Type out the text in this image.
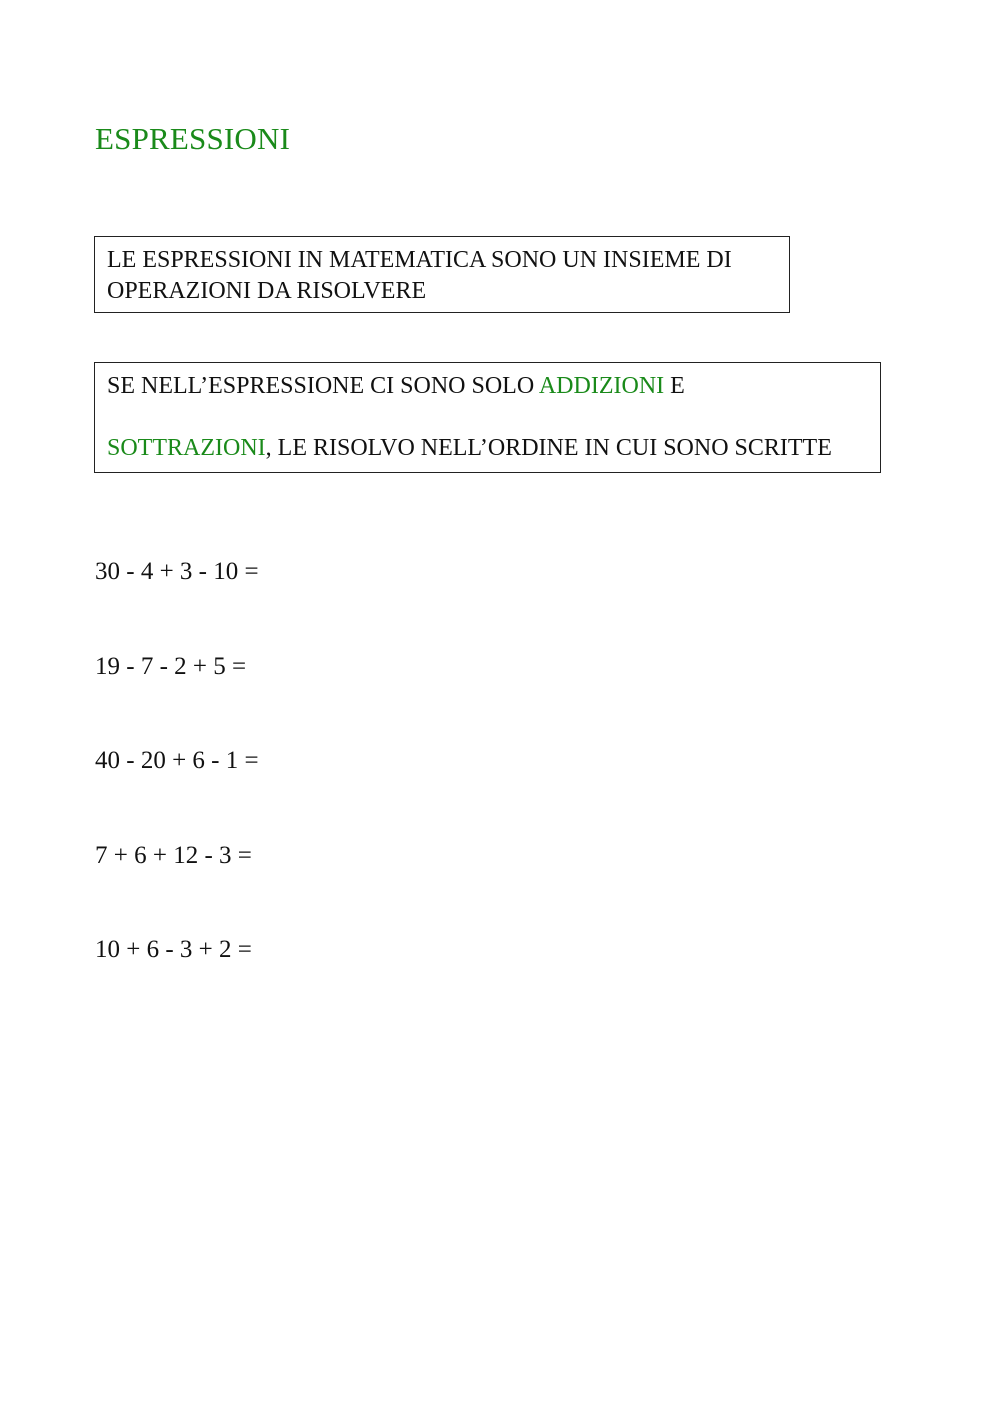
ESPRESSIONI
LE ESPRESSIONI IN MATEMATICA SONO UN INSIEME DI
OPERAZIONI DA RISOLVERE
SE NELL’ESPRESSIONE CI SONO SOLO ADDIZIONI E
SOTTRAZIONI, LE RISOLVO NELL’ORDINE IN CUI SONO SCRITTE
30 - 4 + 3 - 10 =
19 - 7 - 2 + 5 =
40 - 20 + 6 - 1 =
7 + 6 + 12 - 3 =
10 + 6 - 3 + 2 =
